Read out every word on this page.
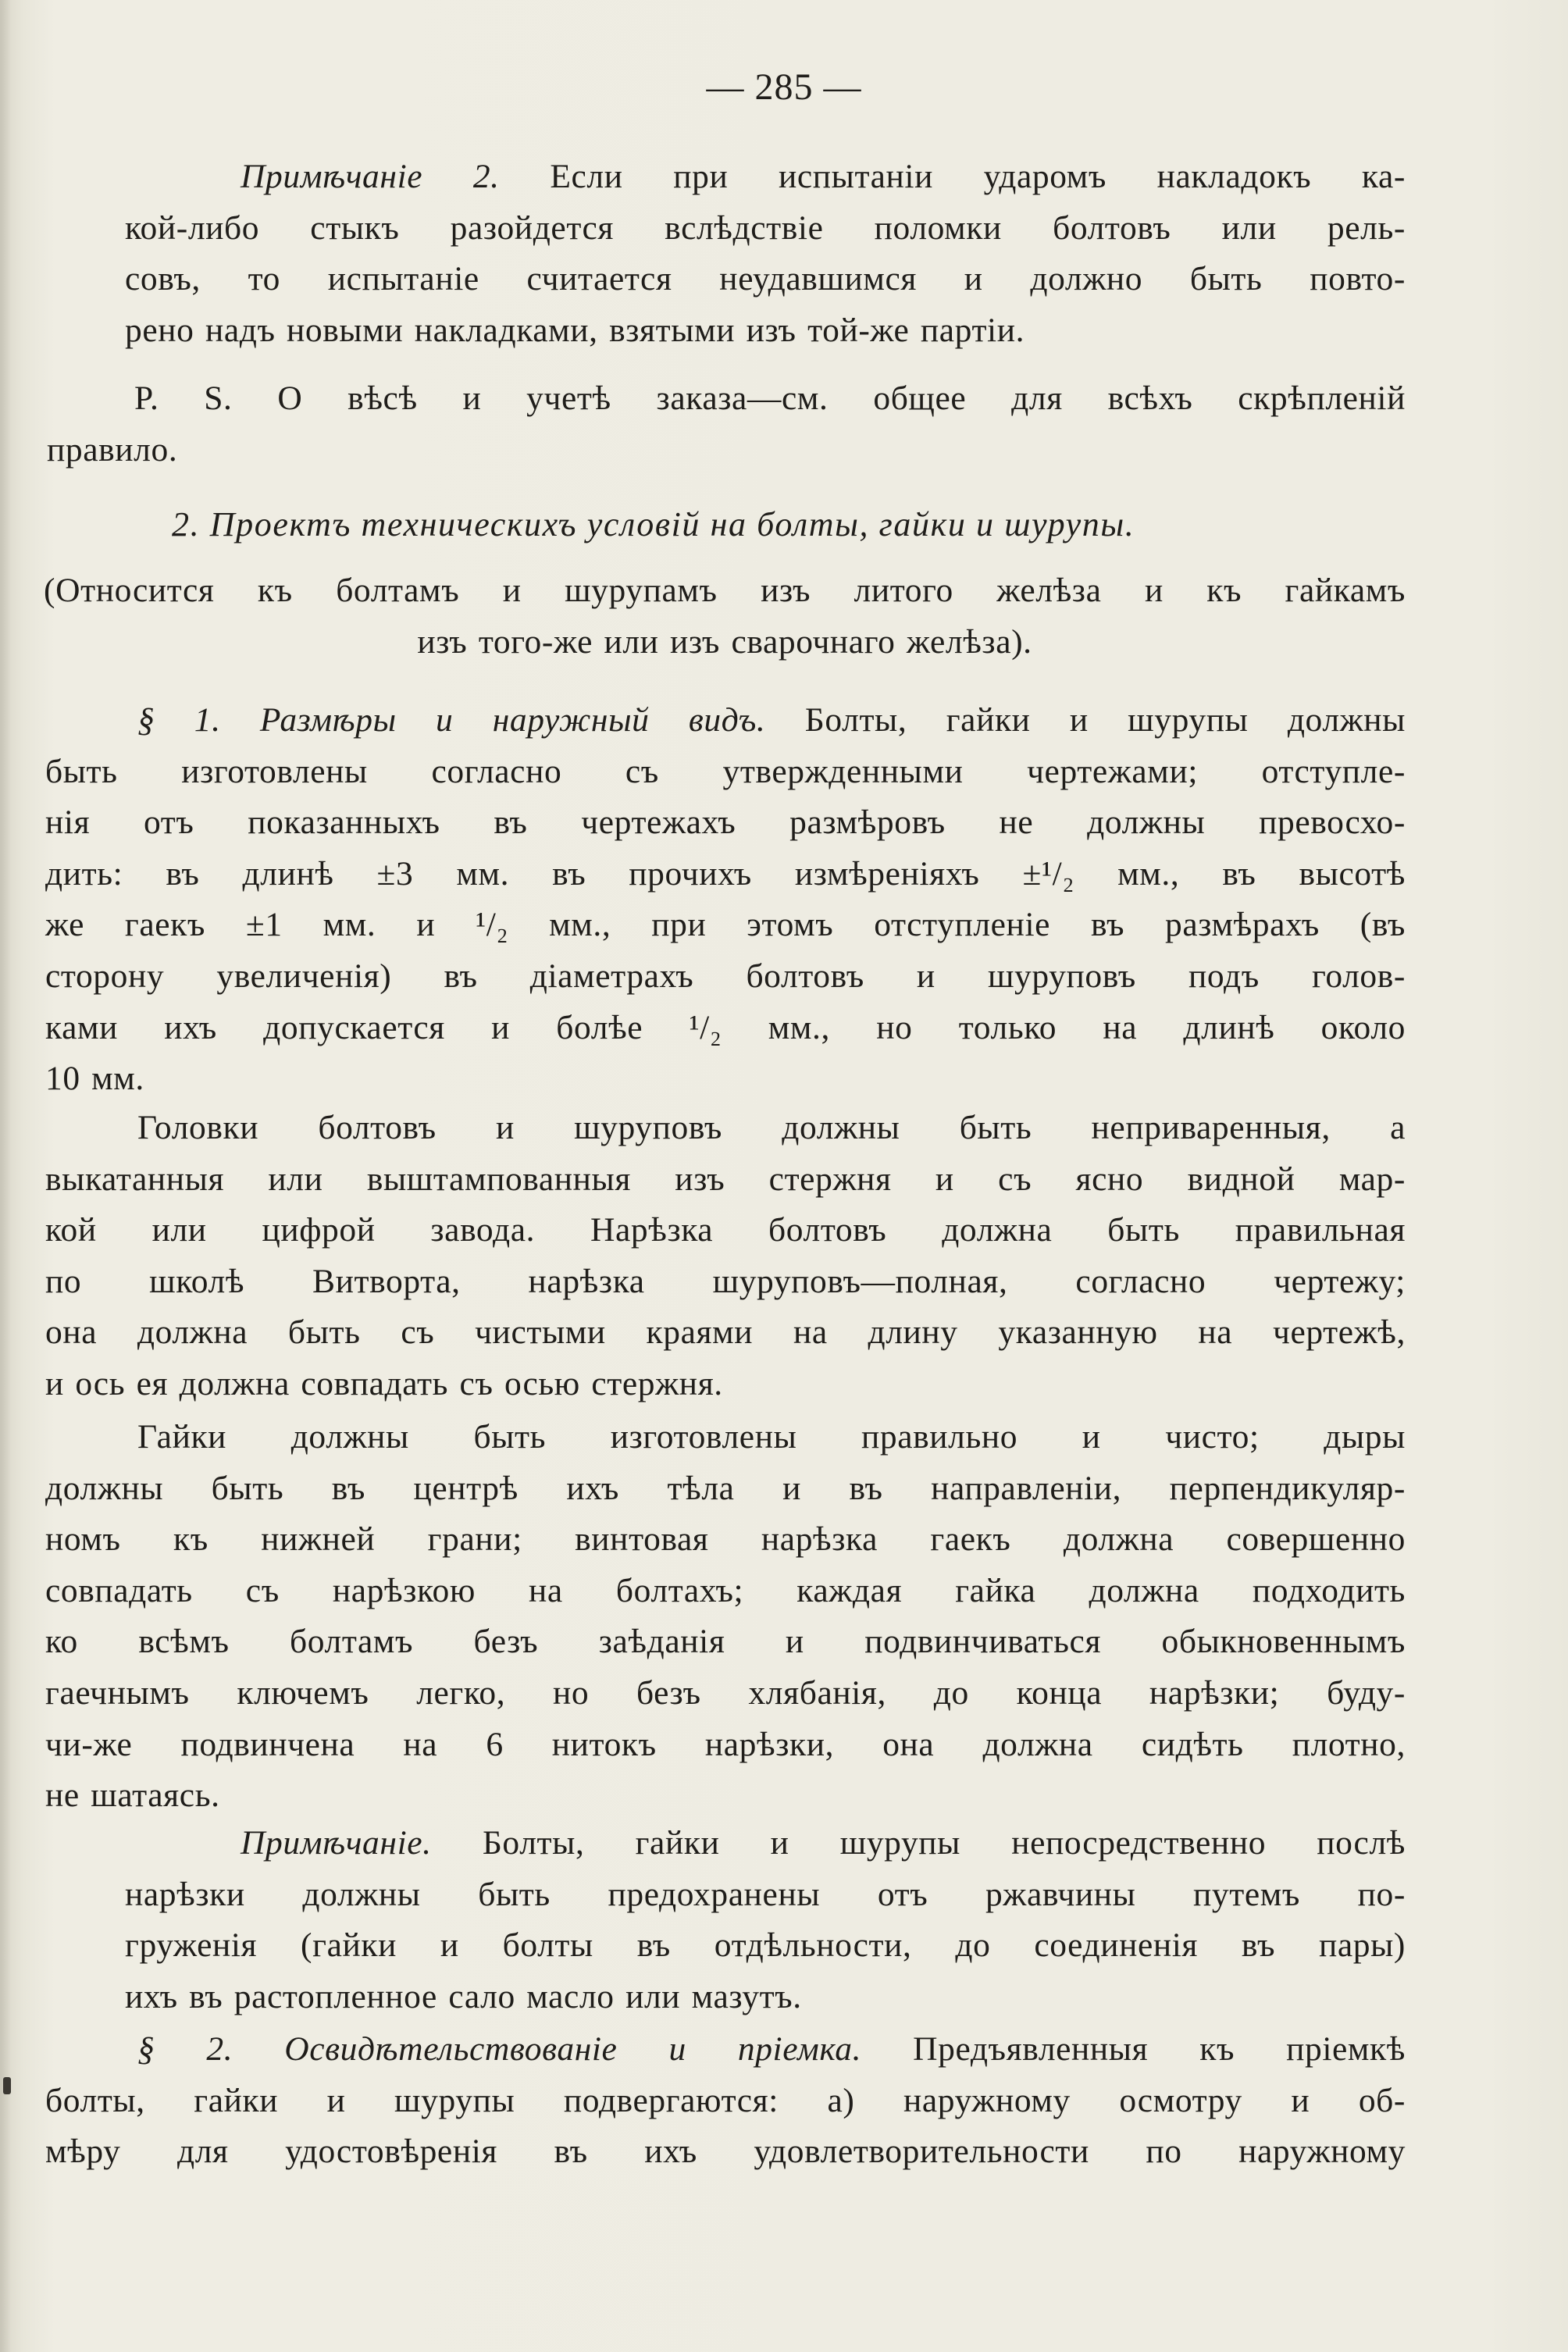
— 285 —
Примѣчаніе 2. Если при испытаніи ударомъ накладокъ ка-
кой-либо стыкъ разойдется вслѣдствіе поломки болтовъ или рель-
совъ, то испытаніе считается неудавшимся и должно быть повто-
рено надъ новыми накладками, взятыми изъ той-же партіи.
P. S. О вѣсѣ и учетѣ заказа—см. общее для всѣхъ скрѣпленій
правило.
2. Проектъ техническихъ условій на болты, гайки и шурупы.
(Относится къ болтамъ и шурупамъ изъ литого желѣза и къ гайкамъ
изъ того-же или изъ сварочнаго желѣза).
§ 1. Размѣры и наружный видъ. Болты, гайки и шурупы должны
быть изготовлены согласно съ утвержденными чертежами; отступле-
нія отъ показанныхъ въ чертежахъ размѣровъ не должны превосхо-
дить: въ длинѣ ±3 мм. въ прочихъ измѣреніяхъ ±¹/₂ мм., въ высотѣ
же гаекъ ±1 мм. и ¹/₂ мм., при этомъ отступленіе въ размѣрахъ (въ
сторону увеличенія) въ діаметрахъ болтовъ и шуруповъ подъ голов-
ками ихъ допускается и болѣе ¹/₂ мм., но только на длинѣ около
10 мм.
Головки болтовъ и шуруповъ должны быть неприваренныя, а
выкатанныя или выштампованныя изъ стержня и съ ясно видной мар-
кой или цифрой завода. Нарѣзка болтовъ должна быть правильная
по школѣ Витворта, нарѣзка шуруповъ—полная, согласно чертежу;
она должна быть съ чистыми краями на длину указанную на чертежѣ,
и ось ея должна совпадать съ осью стержня.
Гайки должны быть изготовлены правильно и чисто; дыры
должны быть въ центрѣ ихъ тѣла и въ направленіи, перпендикуляр-
номъ къ нижней грани; винтовая нарѣзка гаекъ должна совершенно
совпадать съ нарѣзкою на болтахъ; каждая гайка должна подходить
ко всѣмъ болтамъ безъ заѣданія и подвинчиваться обыкновеннымъ
гаечнымъ ключемъ легко, но безъ хлябанія, до конца нарѣзки; буду-
чи-же подвинчена на 6 нитокъ нарѣзки, она должна сидѣть плотно,
не шатаясь.
Примѣчаніе. Болты, гайки и шурупы непосредственно послѣ
нарѣзки должны быть предохранены отъ ржавчины путемъ по-
груженія (гайки и болты въ отдѣльности, до соединенія въ пары)
ихъ въ растопленное сало масло или мазутъ.
§ 2. Освидѣтельствованіе и пріемка. Предъявленныя къ пріемкѣ
болты, гайки и шурупы подвергаются: а) наружному осмотру и об-
мѣру для удостовѣренія въ ихъ удовлетворительности по наружному
